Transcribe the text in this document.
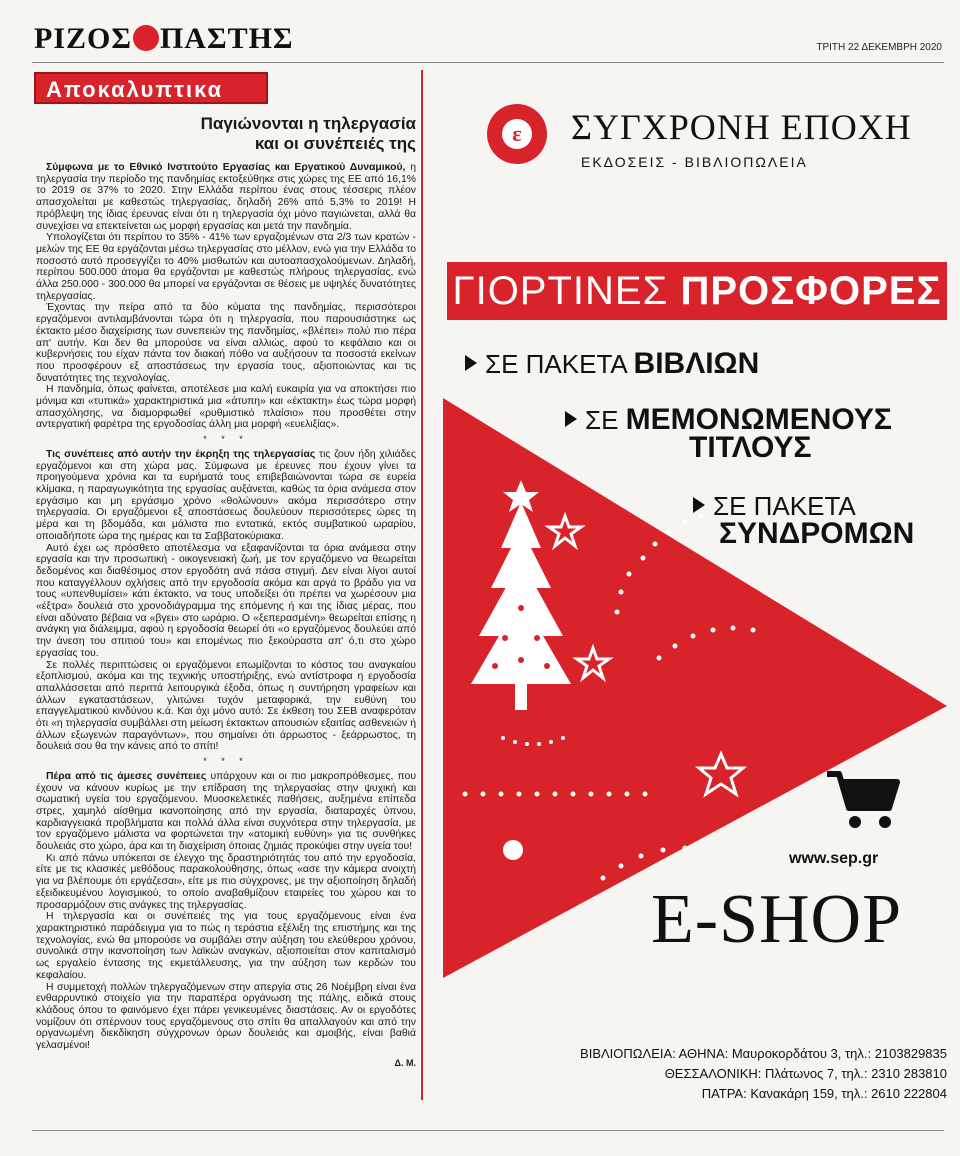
ΡΙΖΟΣ ΠΑΣΤΗΣ	ΤΡΙΤΗ 22 ΔΕΚΕΜΒΡΗ 2020
Αποκαλυπτικα
Παγιώνονται η τηλεργασία
και οι συνέπειές της

Σύμφωνα με το Εθνικό Ινστιτούτο Εργασίας και Εργατικού Δυναμικού, η τηλεργασία την περίοδο της πανδημίας εκτοξεύθηκε στις χώρες της ΕΕ από 16,1% το 2019 σε 37% το 2020. Στην Ελλάδα περίπου ένας στους τέσσερις πλέον απασχολείται με καθεστώς τηλεργασίας, δηλαδή 26% από 5,3% το 2019! Η πρόβλεψη της ίδιας έρευνας είναι ότι η τηλεργασία όχι μόνο παγιώνεται, αλλά θα συνεχίσει να επεκτείνεται ως μορφή εργασίας και μετά την πανδημία.

Υπολογίζεται ότι περίπου το 35% - 41% των εργαζομένων στα 2/3 των κρατών - μελών της ΕΕ θα εργάζονται μέσω τηλεργασίας στο μέλλον, ενώ για την Ελλάδα το ποσοστό αυτό προσεγγίζει το 40% μισθωτών και αυτοαπασχολούμενων. Δηλαδή, περίπου 500.000 άτομα θα εργάζονται με καθεστώς πλήρους τηλεργασίας, ενώ άλλα 250.000 - 300.000 θα μπορεί να εργάζονται σε θέσεις με υψηλές δυνατότητες τηλεργασίας.

Έχοντας την πείρα από τα δύο κύματα της πανδημίας, περισσότεροι εργαζόμενοι αντιλαμβάνονται τώρα ότι η τηλεργασία, που παρουσιάστηκε ως έκτακτο μέσο διαχείρισης των συνεπειών της πανδημίας, «βλέπει» πολύ πιο πέρα απ' αυτήν. Και δεν θα μπορούσε να είναι αλλιώς, αφού το κεφάλαιο και οι κυβερνήσεις του είχαν πάντα τον διακαή πόθο να αυξήσουν τα ποσοστά εκείνων που προσφέρουν εξ αποστάσεως την εργασία τους, αξιοποιώντας και τις δυνατότητες της τεχνολογίας.

Η πανδημία, όπως φαίνεται, αποτέλεσε μια καλή ευκαιρία για να αποκτήσει πιο μόνιμα και «τυπικά» χαρακτηριστικά μια «άτυπη» και «έκτακτη» έως τώρα μορφή απασχόλησης, να διαμορφωθεί «ρυθμιστικό πλαίσιο» που προσθέτει στην αντεργατική φαρέτρα της εργοδοσίας άλλη μια μορφή «ευελιξίας».

* * *

Τις συνέπειες από αυτήν την έκρηξη της τηλεργασίας τις ζουν ήδη χιλιάδες εργαζόμενοι και στη χώρα μας. Σύμφωνα με έρευνες που έχουν γίνει τα προηγούμενα χρόνια και τα ευρήματά τους επιβεβαιώνονται τώρα σε ευρεία κλίμακα, η παραγωγικότητα της εργασίας αυξάνεται, καθώς τα όρια ανάμεσα στον εργάσιμο και μη εργάσιμο χρόνο «θολώνουν» ακόμα περισσότερο στην τηλεργασία. Οι εργαζόμενοι εξ αποστάσεως δουλεύουν περισσότερες ώρες τη μέρα και τη βδομάδα, και μάλιστα πιο εντατικά, εκτός συμβατικού ωραρίου, οποιαδήποτε ώρα της ημέρας και τα Σαββατοκύριακα.

Αυτό έχει ως πρόσθετο αποτέλεσμα να εξαφανίζονται τα όρια ανάμεσα στην εργασία και την προσωπική - οικογενειακή ζωή, με τον εργαζόμενο να θεωρείται δεδομένος και διαθέσιμος στον εργοδότη ανά πάσα στιγμή. Δεν είναι λίγοι αυτοί που καταγγέλλουν οχλήσεις από την εργοδοσία ακόμα και αργά το βράδυ για να τους «υπενθυμίσει» κάτι έκτακτο, να τους υποδείξει ότι πρέπει να χωρέσουν μια «έξτρα» δουλειά στο χρονοδιάγραμμα της επόμενης ή και της ίδιας μέρας, που είναι αδύνατο βέβαια να «βγει» στο ωράριο. Ο «ξεπερασμένη» θεωρείται επίσης η ανάγκη για διάλειμμα, αφού η εργοδοσία θεωρεί ότι «ο εργαζόμενος δουλεύει από την άνεση του σπιτιού του» και επομένως πιο ξεκούραστα απ' ό,τι στο χώρο εργασίας του.

Σε πολλές περιπτώσεις οι εργαζόμενοι επωμίζονται το κόστος του αναγκαίου εξοπλισμού, ακόμα και της τεχνικής υποστήριξης, ενώ αντίστροφα η εργοδοσία απαλλάσσεται από περιττά λειτουργικά έξοδα, όπως η συντήρηση γραφείων και άλλων εγκαταστάσεων, γλιτώνει τυχόν μεταφορικά, την ευθύνη του επαγγελματικού κινδύνου κ.ά. Και όχι μόνο αυτό: Σε έκθεση του ΣΕΒ αναφερόταν ότι «η τηλεργασία συμβάλλει στη μείωση έκτακτων απουσιών εξαιτίας ασθενειών ή άλλων εξωγενών παραγόντων», που σημαίνει ότι άρρωστος - ξεάρρωστος, τη δουλειά σου θα την κάνεις από το σπίτι!

* * *

Πέρα από τις άμεσες συνέπειες υπάρχουν και οι πιο μακροπρόθεσμες, που έχουν να κάνουν κυρίως με την επίδραση της τηλεργασίας στην ψυχική και σωματική υγεία του εργαζόμενου. Μυοσκελετικές παθήσεις, αυξημένα επίπεδα στρες, χαμηλό αίσθημα ικανοποίησης από την εργασία, διαταραχές ύπνου, καρδιαγγειακά προβλήματα και πολλά άλλα είναι συχνότερα στην τηλεργασία, με τον εργαζόμενο μάλιστα να φορτώνεται την «ατομική ευθύνη» για τις συνθήκες δουλειάς στο χώρο, άρα και τη διαχείριση όποιας ζημιάς προκύψει στην υγεία του!

Κι από πάνω υπόκειται σε έλεγχο της δραστηριότητάς του από την εργοδοσία, είτε με τις κλασικές μεθόδους παρακολούθησης, όπως «ασε την κάμερα ανοιχτή για να βλέπουμε ότι εργάζεσαι», είτε με πιο σύγχρονες, με την αξιοποίηση δηλαδή εξειδικευμένου λογισμικού, το οποίο αναβαθμίζουν εταιρείες του χώρου και το προσαρμόζουν στις ανάγκες της τηλεργασίας.

Η τηλεργασία και οι συνέπειές της για τους εργαζόμενους είναι ένα χαρακτηριστικό παράδειγμα για το πώς η τεράστια εξέλιξη της επιστήμης και της τεχνολογίας, ενώ θα μπορούσε να συμβάλει στην αύξηση του ελεύθερου χρόνου, συνολικά στην ικανοποίηση των λαϊκών αναγκών, αξιοποιείται στον καπιταλισμό ως εργαλείο έντασης της εκμετάλλευσης, για την αύξηση των κερδών του κεφαλαίου.

Η συμμετοχή πολλών τηλεργαζόμενων στην απεργία στις 26 Νοέμβρη είναι ένα ενθαρρυντικό στοιχείο για την παραπέρα οργάνωση της πάλης, ειδικά στους κλάδους όπου το φαινόμενο έχει πάρει γενικευμένες διαστάσεις. Αν οι εργοδότες νομίζουν ότι σπέρνουν τους εργαζόμενους στο σπίτι θα απαλλαγούν και από την οργανωμένη διεκδίκηση σύγχρονων όρων δουλειάς και αμοιβής, είναι βαθιά γελασμένοι!

Δ. Μ.
ε ΣΥΓΧΡΟΝΗ ΕΠΟΧΗ
ΕΚΔΟΣΕΙΣ - ΒΙΒΛΙΟΠΩΛΕΙΑ
ΓΙΟΡΤΙΝΕΣ ΠΡΟΣΦΟΡΕΣ
ΣΕ ΠΑΚΕΤΑ ΒΙΒΛΙΩΝ
ΣΕ ΜΕΜΟΝΩΜΕΝΟΥΣ
ΤΙΤΛΟΥΣ
ΣΕ ΠΑΚΕΤΑ
ΣΥΝΔΡΟΜΩΝ
www.sep.gr
E-SHOP
ΒΙΒΛΙΟΠΩΛΕΙΑ: ΑΘΗΝΑ: Μαυροκορδάτου 3, τηλ.: 2103829835
ΘΕΣΣΑΛΟΝΙΚΗ: Πλάτωνος 7, τηλ.: 2310 283810
ΠΑΤΡΑ: Κανακάρη 159, τηλ.: 2610 222804
